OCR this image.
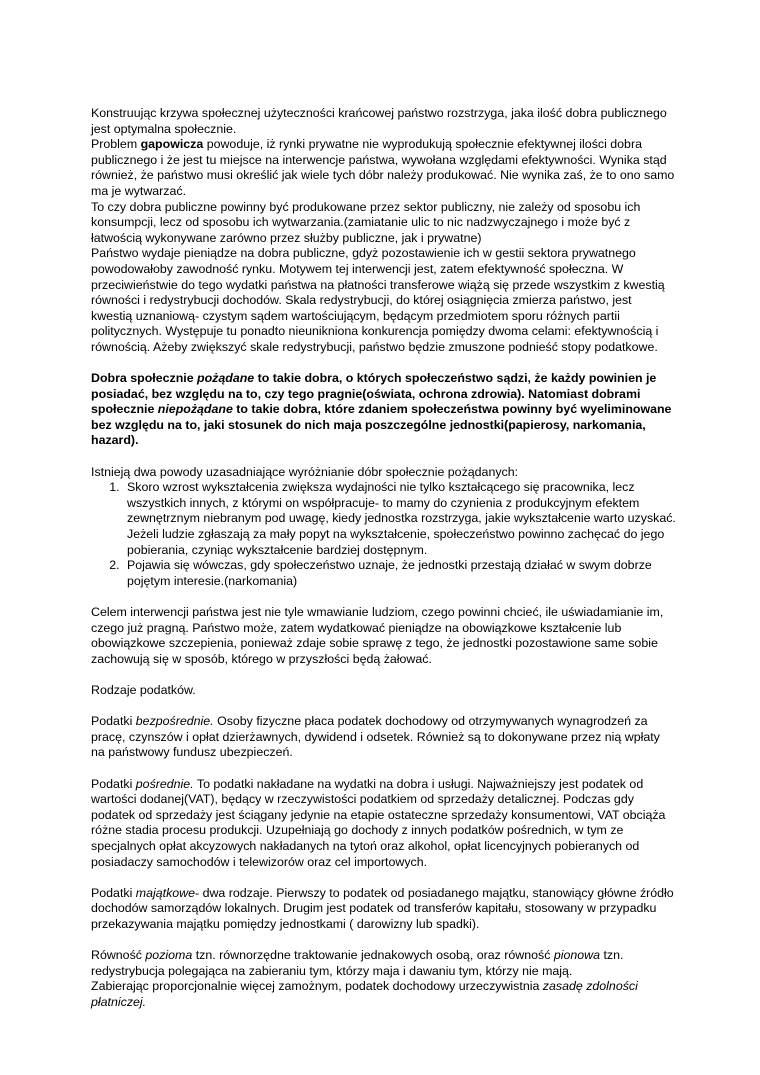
Konstruując krzywa społecznej użyteczności krańcowej państwo rozstrzyga, jaka ilość dobra publicznego jest optymalna społecznie.

Problem gapowicza powoduje, iż rynki prywatne nie wyprodukują społecznie efektywnej ilości dobra publicznego i że jest tu miejsce na interwencje państwa, wywołana względami efektywności. Wynika stąd również, że państwo musi określić jak wiele tych dóbr należy produkować. Nie wynika zaś, że to ono samo ma je wytwarzać.

To czy dobra publiczne powinny być produkowane przez sektor publiczny, nie zależy od sposobu ich konsumpcji, lecz od sposobu ich wytwarzania.(zamiatanie ulic to nic nadzwyczajnego i może być z łatwością wykonywane zarówno przez służby publiczne, jak i prywatne)

Państwo wydaje pieniądze na dobra publiczne, gdyż pozostawienie ich w gestii sektora prywatnego powodowałoby zawodność rynku. Motywem tej interwencji jest, zatem efektywność społeczna. W przeciwieństwie do tego wydatki państwa na płatności transferowe wiążą się przede wszystkim z kwestią równości i redystrybucji dochodów. Skala redystrybucji, do której osiągnięcia zmierza państwo, jest kwestią uznaniową- czystym sądem wartościującym, będącym przedmiotem sporu różnych partii politycznych. Występuje tu ponadto nieunikniona konkurencja pomiędzy dwoma celami: efektywnością i równością. Ażeby zwiększyć skale redystrybucji, państwo będzie zmuszone podnieść stopy podatkowe.

Dobra społecznie pożądane to takie dobra, o których społeczeństwo sądzi, że każdy powinien je posiadać, bez względu na to, czy tego pragnie(oświata, ochrona zdrowia). Natomiast dobrami społecznie niepożądane to takie dobra, które zdaniem społeczeństwa powinny być wyeliminowane bez względu na to, jaki stosunek do nich maja poszczególne jednostki(papierosy, narkomania, hazard).

Istnieją dwa powody uzasadniające wyróżnianie dóbr społecznie pożądanych:

1. Skoro wzrost wykształcenia zwiększa wydajności nie tylko kształcącego się pracownika, lecz wszystkich innych, z którymi on współpracuje- to mamy do czynienia z produkcyjnym efektem zewnętrznym niebranym pod uwagę, kiedy jednostka rozstrzyga, jakie wykształcenie warto uzyskać. Jeżeli ludzie zgłaszają za mały popyt na wykształcenie, społeczeństwo powinno zachęcać do jego pobierania, czyniąc wykształcenie bardziej dostępnym.
2. Pojawia się wówczas, gdy społeczeństwo uznaje, że jednostki przestają działać w swym dobrze pojętym interesie.(narkomania)

Celem interwencji państwa jest nie tyle wmawianie ludziom, czego powinni chcieć, ile uświadamianie im, czego już pragną. Państwo może, zatem wydatkować pieniądze na obowiązkowe kształcenie lub obowiązkowe szczepienia, ponieważ zdaje sobie sprawę z tego, że jednostki pozostawione same sobie zachowują się w sposób, którego w przyszłości będą żałować.

Rodzaje podatków.

Podatki bezpośrednie. Osoby fizyczne płaca podatek dochodowy od otrzymywanych wynagrodzeń za pracę, czynszów i opłat dzierżawnych, dywidend i odsetek. Również są to dokonywane przez nią wpłaty na państwowy fundusz ubezpieczeń.

Podatki pośrednie. To podatki nakładane na wydatki na dobra i usługi. Najważniejszy jest podatek od wartości dodanej(VAT), będący w rzeczywistości podatkiem od sprzedaży detalicznej. Podczas gdy podatek od sprzedaży jest ściągany jedynie na etapie ostateczne sprzedaży konsumentowi, VAT obciąża różne stadia procesu produkcji. Uzupełniają go dochody z innych podatków pośrednich, w tym ze specjalnych opłat akcyzowych nakładanych na tytoń oraz alkohol, opłat licencyjnych pobieranych od posiadaczy samochodów i telewizorów oraz cel importowych.

Podatki majątkowe- dwa rodzaje. Pierwszy to podatek od posiadanego majątku, stanowiący główne źródło dochodów samorządów lokalnych. Drugim jest podatek od transferów kapitału, stosowany w przypadku przekazywania majątku pomiędzy jednostkami ( darowizny lub spadki).

Równość pozioma tzn. równorzędne traktowanie jednakowych osobą, oraz równość pionowa tzn. redystrybucja polegająca na zabieraniu tym, którzy maja i dawaniu tym, którzy nie mają.

Zabierając proporcjonalnie więcej zamożnym, podatek dochodowy urzeczywistnia zasadę zdolności płatniczej.
